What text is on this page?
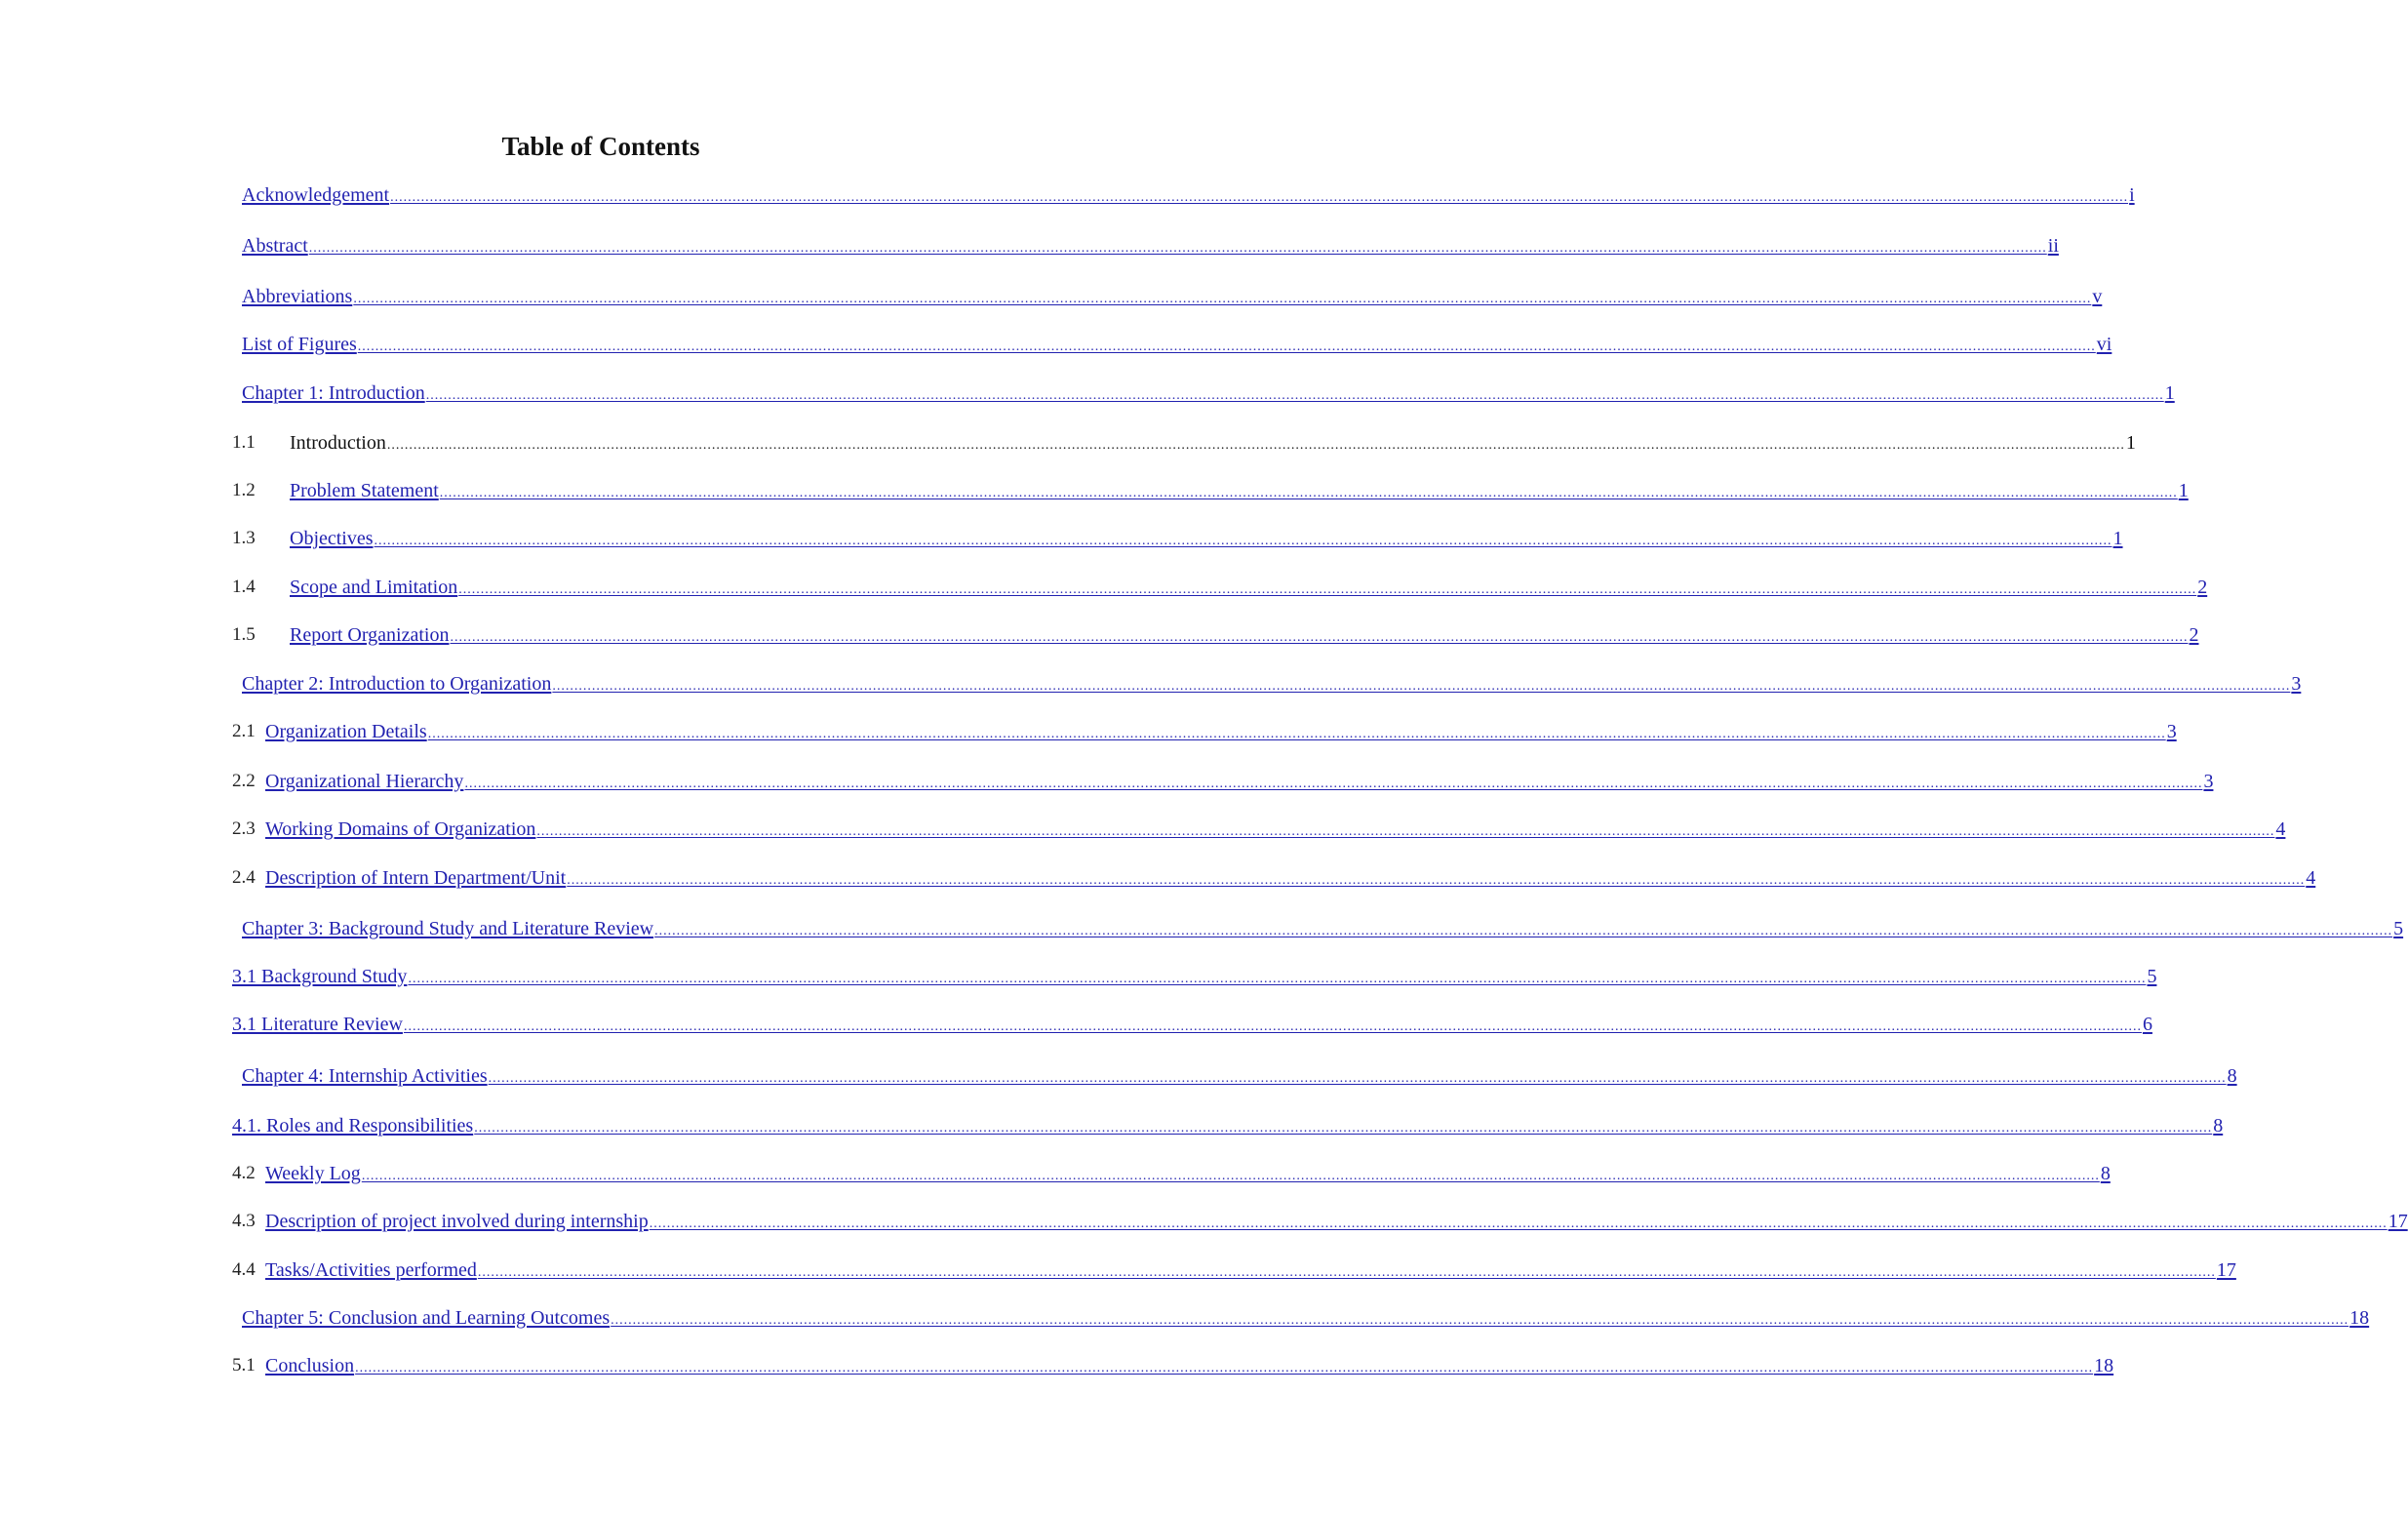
Table of Contents
Acknowledgement ............................................................................................................................................................................................................................................................................................................................................................................................................ i
Abstract ............................................................................................................................................................................................................................................................................................................................................................................................................ ii
Abbreviations ............................................................................................................................................................................................................................................................................................................................................................................................................ v
List of Figures ............................................................................................................................................................................................................................................................................................................................................................................................................ vi
Chapter 1: Introduction ............................................................................................................................................................................................................................................................................................................................................................................................................ 1
1.1 Introduction ............................................................................................................................................................................................................................................................................................................................................................................................................ 1
1.2 Problem Statement ............................................................................................................................................................................................................................................................................................................................................................................................................ 1
1.3 Objectives ............................................................................................................................................................................................................................................................................................................................................................................................................ 1
1.4 Scope and Limitation ............................................................................................................................................................................................................................................................................................................................................................................................................ 2
1.5 Report Organization ............................................................................................................................................................................................................................................................................................................................................................................................................ 2
Chapter 2: Introduction to Organization ............................................................................................................................................................................................................................................................................................................................................................................................................ 3
2.1 Organization Details ............................................................................................................................................................................................................................................................................................................................................................................................................ 3
2.2 Organizational Hierarchy ............................................................................................................................................................................................................................................................................................................................................................................................................ 3
2.3 Working Domains of Organization ............................................................................................................................................................................................................................................................................................................................................................................................................ 4
2.4 Description of Intern Department/Unit ............................................................................................................................................................................................................................................................................................................................................................................................................ 4
Chapter 3: Background Study and Literature Review ............................................................................................................................................................................................................................................................................................................................................................................................................ 5
3.1 Background Study ............................................................................................................................................................................................................................................................................................................................................................................................................ 5
3.1 Literature Review ............................................................................................................................................................................................................................................................................................................................................................................................................ 6
Chapter 4: Internship Activities ............................................................................................................................................................................................................................................................................................................................................................................................................ 8
4.1. Roles and Responsibilities ............................................................................................................................................................................................................................................................................................................................................................................................................ 8
4.2 Weekly Log ............................................................................................................................................................................................................................................................................................................................................................................................................ 8
4.3 Description of project involved during internship ............................................................................................................................................................................................................................................................................................................................................................................................................ 17
4.4 Tasks/Activities performed ............................................................................................................................................................................................................................................................................................................................................................................................................ 17
Chapter 5: Conclusion and Learning Outcomes ............................................................................................................................................................................................................................................................................................................................................................................................................ 18
5.1 Conclusion ............................................................................................................................................................................................................................................................................................................................................................................................................ 18
